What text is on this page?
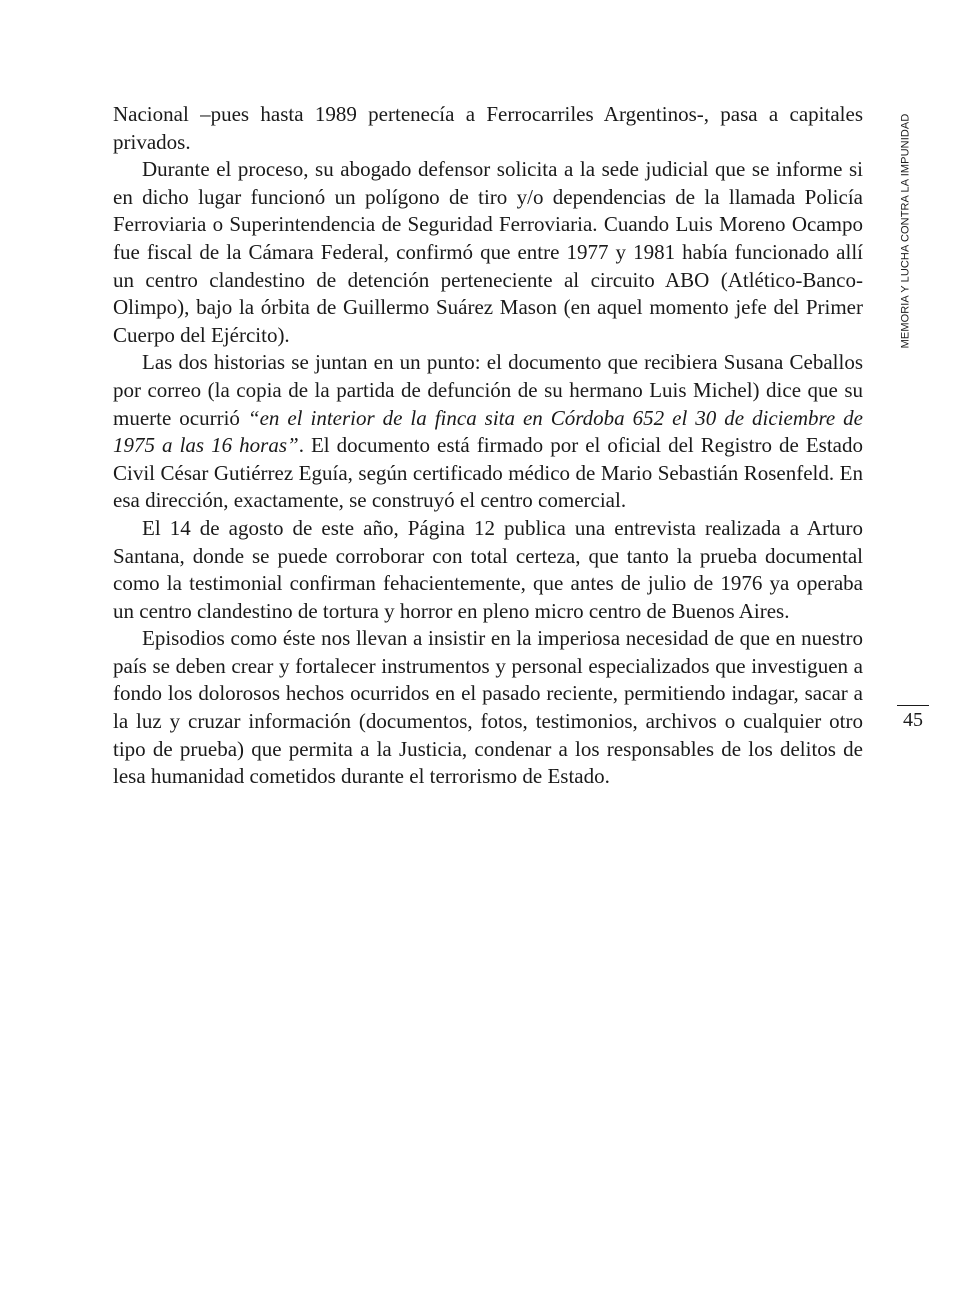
Nacional –pues hasta 1989 pertenecía a Ferrocarriles Argentinos-, pasa a capitales privados.

Durante el proceso, su abogado defensor solicita a la sede judicial que se informe si en dicho lugar funcionó un polígono de tiro y/o dependencias de la llamada Policía Ferroviaria o Superintendencia de Seguridad Ferroviaria. Cuando Luis Moreno Ocampo fue fiscal de la Cámara Federal, confirmó que entre 1977 y 1981 había funcionado allí un centro clandestino de detención perteneciente al circuito ABO (Atlético-Banco-Olimpo), bajo la órbita de Guillermo Suárez Mason (en aquel momento jefe del Primer Cuerpo del Ejército).

Las dos historias se juntan en un punto: el documento que recibiera Susana Ceballos por correo (la copia de la partida de defunción de su hermano Luis Michel) dice que su muerte ocurrió “en el interior de la finca sita en Córdoba 652 el 30 de diciembre de 1975 a las 16 horas”. El documento está firmado por el oficial del Registro de Estado Civil César Gutiérrez Eguía, según certificado médico de Mario Sebastián Rosenfeld. En esa dirección, exactamente, se construyó el centro comercial.

El 14 de agosto de este año, Página 12 publica una entrevista realizada a Arturo Santana, donde se puede corroborar con total certeza, que tanto la prueba documental como la testimonial confirman fehacientemente, que antes de julio de 1976 ya operaba un centro clandestino de tortura y horror en pleno micro centro de Buenos Aires.

Episodios como éste nos llevan a insistir en la imperiosa necesidad de que en nuestro país se deben crear y fortalecer instrumentos y personal especializados que investiguen a fondo los dolorosos hechos ocurridos en el pasado reciente, permitiendo indagar, sacar a la luz y cruzar información (documentos, fotos, testimonios, archivos o cualquier otro tipo de prueba) que permita a la Justicia, condenar a los responsables de los delitos de lesa humanidad cometidos durante el terrorismo de Estado.

MEMORIA Y LUCHA CONTRA LA IMPUNIDAD
45
